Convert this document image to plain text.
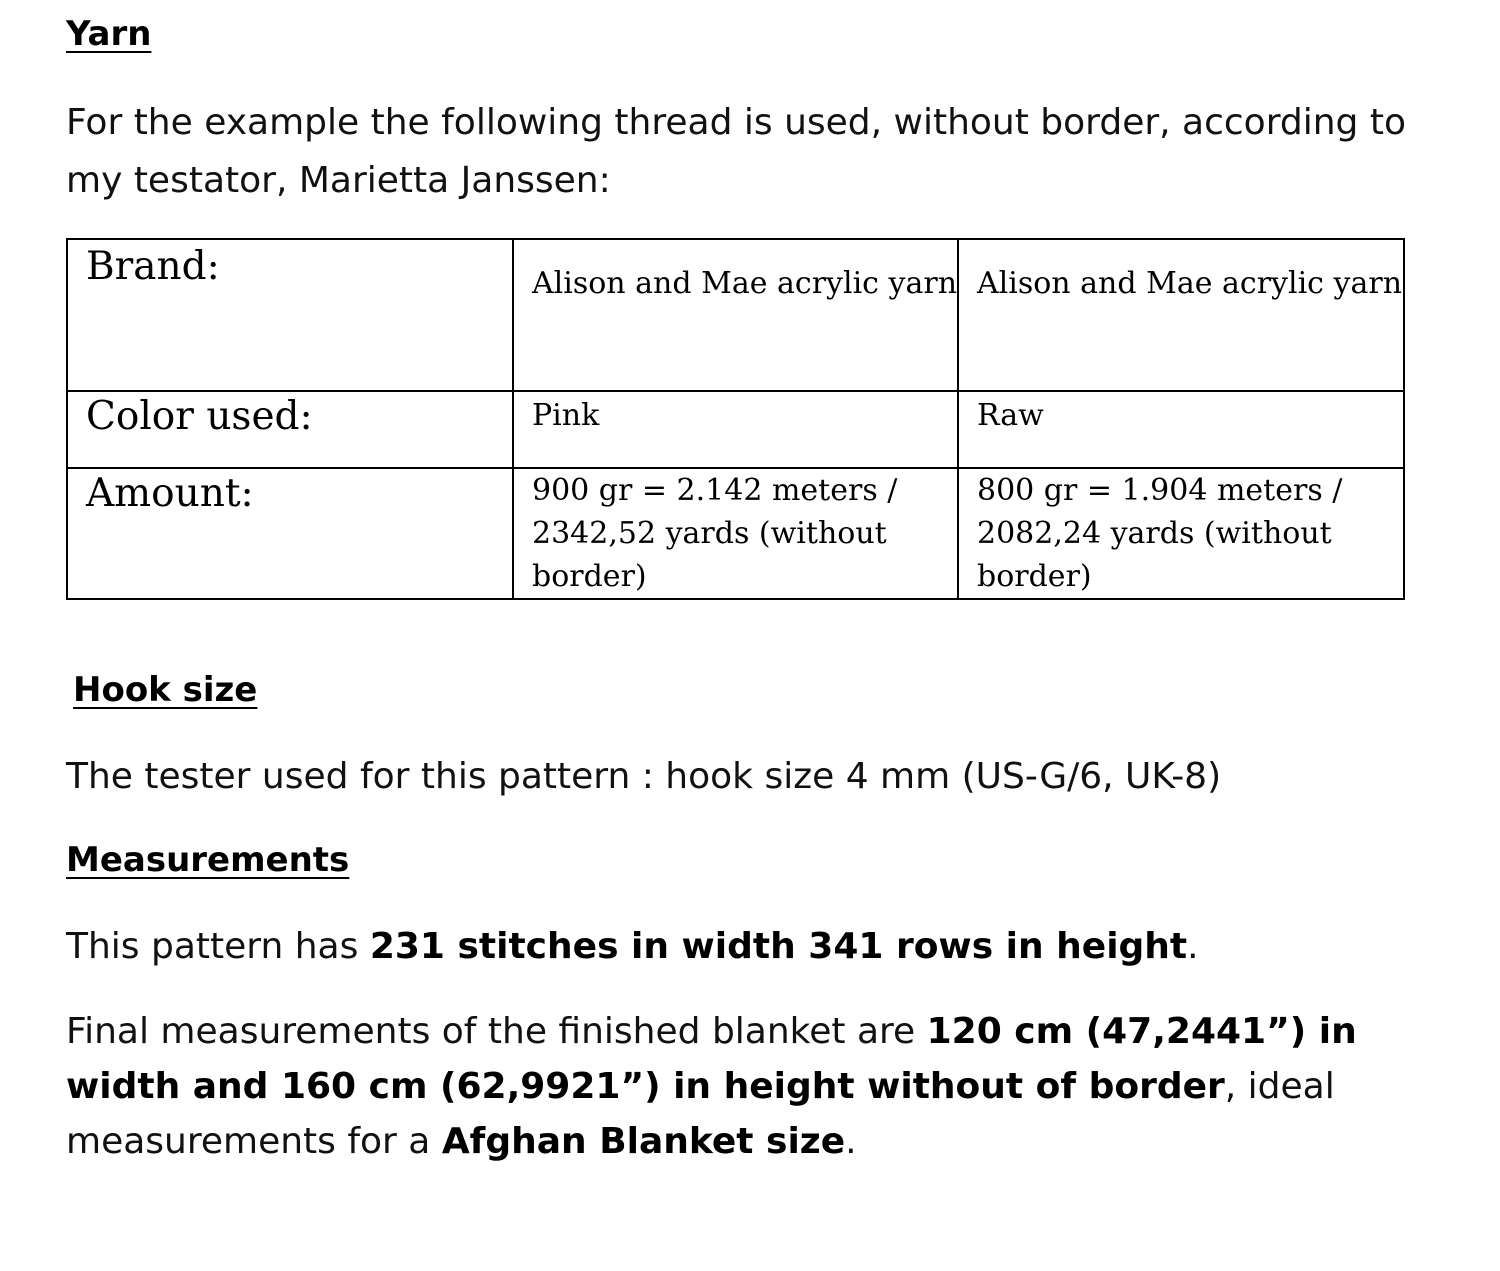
Yarn

For the example the following thread is used, without border, according to my testator, Marietta Janssen:

Brand:	Alison and Mae acrylic yarn	Alison and Mae acrylic yarn
Color used:	Pink	Raw
Amount:	900 gr = 2.142 meters / 2342,52 yards (without border)	800 gr = 1.904 meters / 2082,24 yards (without border)
Hook size

The tester used for this pattern : hook size 4 mm (US-G/6, UK-8)

Measurements

This pattern has 231 stitches in width 341 rows in height.

Final measurements of the finished blanket are 120 cm (47,2441”) in width and 160 cm (62,9921”) in height without of border, ideal measurements for a Afghan Blanket size.
